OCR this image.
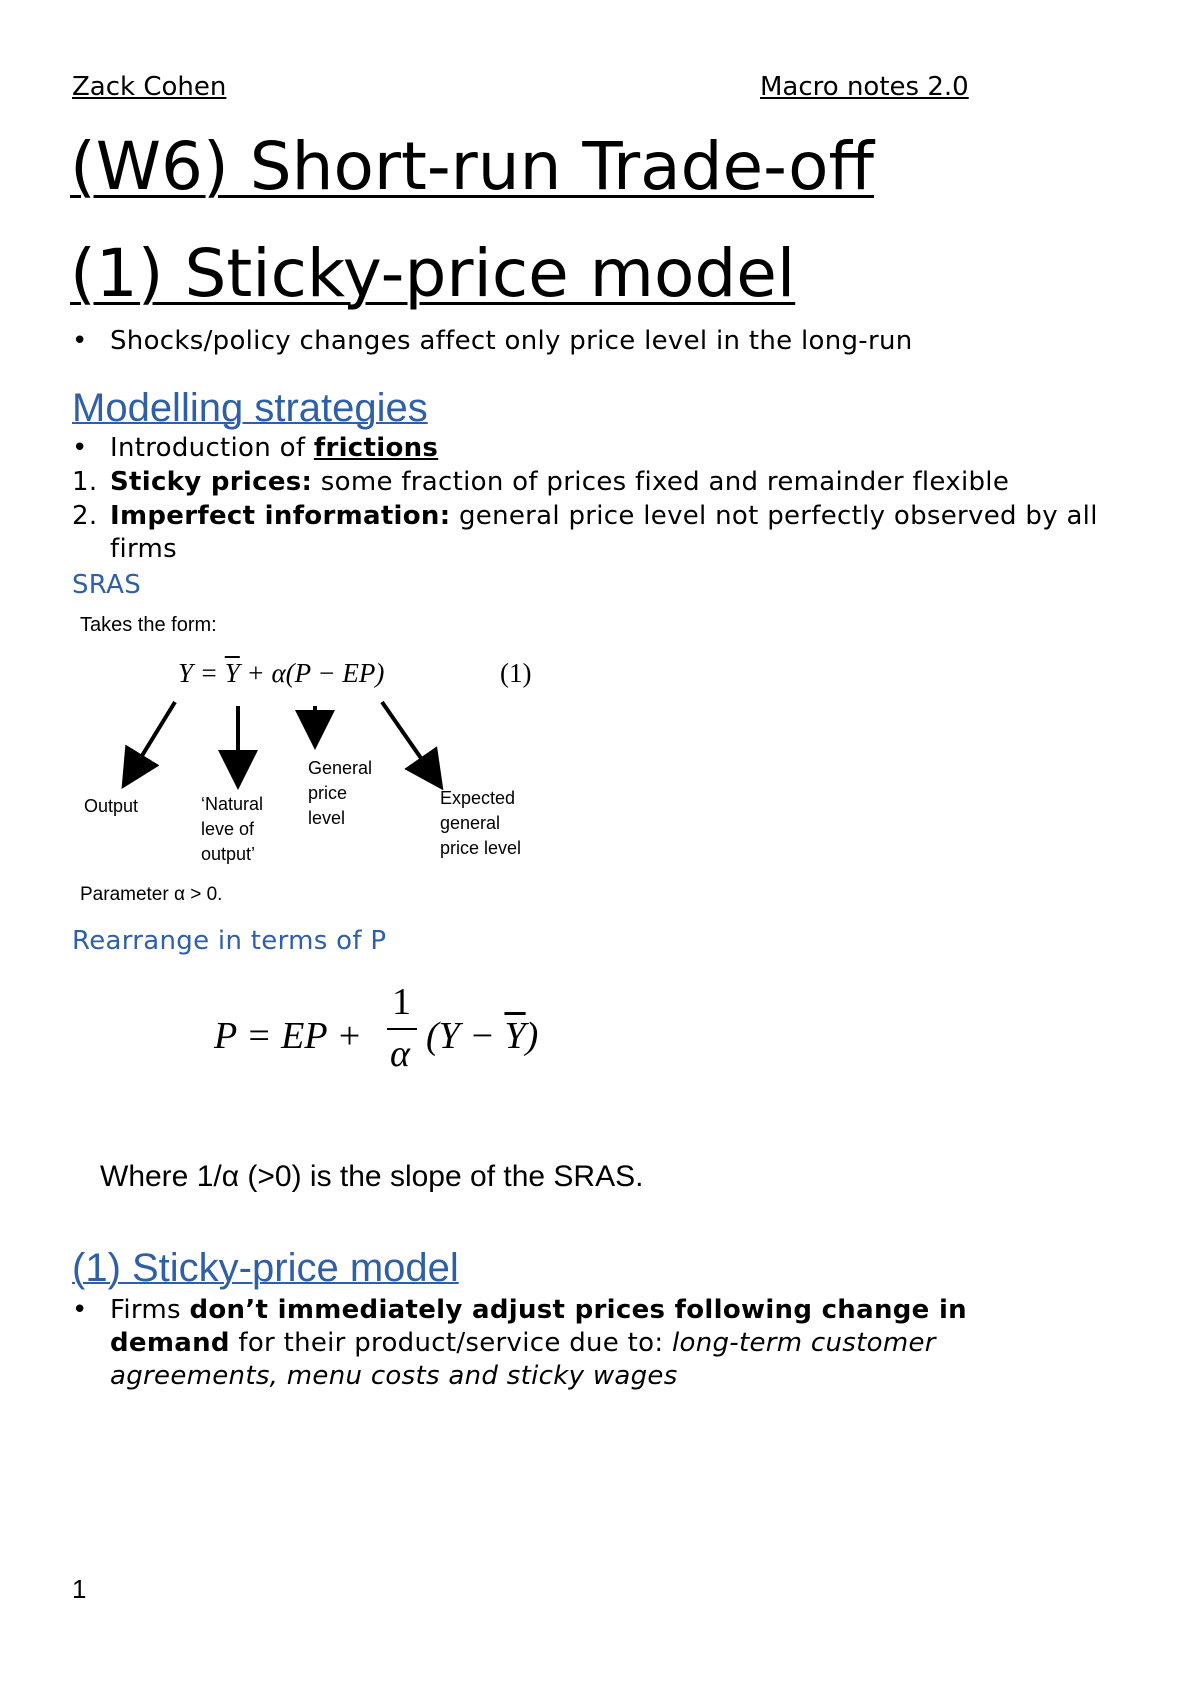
Zack Cohen	Macro notes 2.0
(W6) Short-run Trade-off
(1) Sticky-price model
• Shocks/policy changes affect only price level in the long-run
Modelling strategies
• Introduction of frictions
1. Sticky prices: some fraction of prices fixed and remainder flexible
2. Imperfect information: general price level not perfectly observed by all firms
SRAS
Takes the form:
$Y = \overline{Y} + \alpha(P - EP)$	(1)
Output	‘Natural
leve of
output’
General
price
level
Expected
general
price level
Parameter α > 0.
Rearrange in terms of P
P = EP +
1
α $(Y - \overline{Y})$
Where 1/α (>0) is the slope of the SRAS.
(1) Sticky-price model
• Firms don’t immediately adjust prices following change in demand for their product/service due to: long-term customer agreements, menu costs and sticky wages
1
